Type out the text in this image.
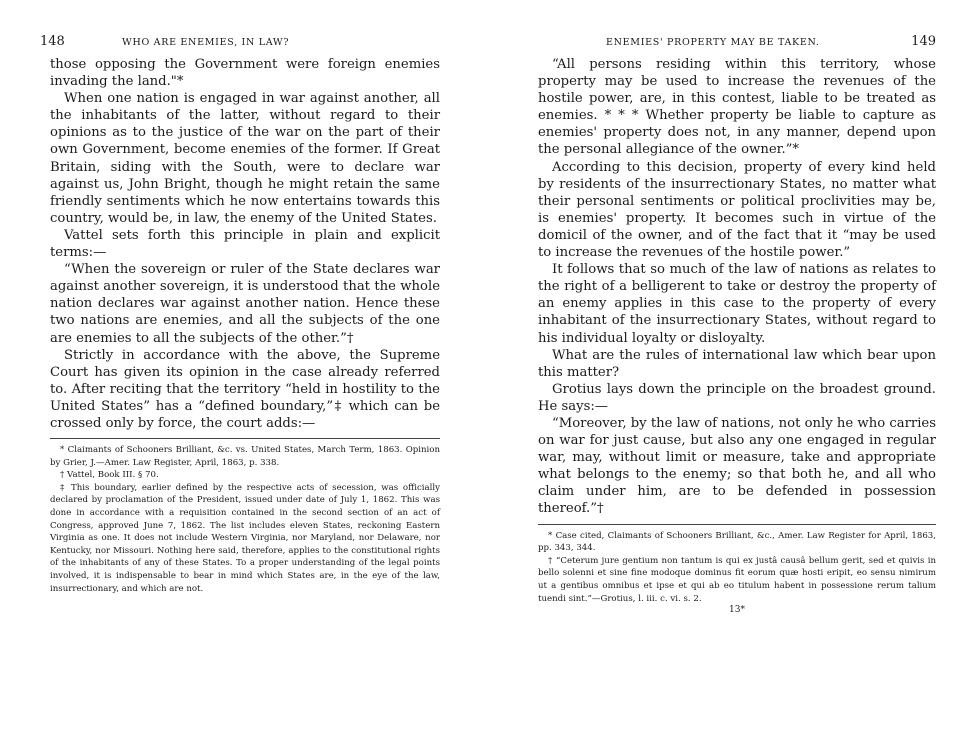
148	WHO ARE ENEMIES, IN LAW?

those opposing the Government were foreign enemies invading the land."*

When one nation is engaged in war against another, all the inhabitants of the latter, without regard to their opinions as to the justice of the war on the part of their own Government, become enemies of the former. If Great Britain, siding with the South, were to declare war against us, John Bright, though he might retain the same friendly sentiments which he now entertains towards this country, would be, in law, the enemy of the United States.

Vattel sets forth this principle in plain and explicit terms:—

“When the sovereign or ruler of the State declares war against another sovereign, it is understood that the whole nation declares war against another nation. Hence these two nations are enemies, and all the subjects of the one are enemies to all the subjects of the other.”†

Strictly in accordance with the above, the Supreme Court has given its opinion in the case already referred to. After reciting that the territory “held in hostility to the United States” has a “defined boundary,”‡ which can be crossed only by force, the court adds:—

* Claimants of Schooners Brilliant, &c. vs. United States, March Term, 1863. Opinion by Grier, J.—Amer. Law Register, April, 1863, p. 338.

† Vattel, Book III. § 70.

‡ This boundary, earlier defined by the respective acts of secession, was officially declared by proclamation of the President, issued under date of July 1, 1862. This was done in accordance with a requisition contained in the second section of an act of Congress, approved June 7, 1862. The list includes eleven States, reckoning Eastern Virginia as one. It does not include Western Virginia, nor Maryland, nor Delaware, nor Kentucky, nor Missouri. Nothing here said, therefore, applies to the constitutional rights of the inhabitants of any of these States. To a proper understanding of the legal points involved, it is indispensable to bear in mind which States are, in the eye of the law, insurrectionary, and which are not.

ENEMIES' PROPERTY MAY BE TAKEN.	149

“All persons residing within this territory, whose property may be used to increase the revenues of the hostile power, are, in this contest, liable to be treated as enemies. * * * Whether property be liable to capture as enemies' property does not, in any manner, depend upon the personal allegiance of the owner.”*

According to this decision, property of every kind held by residents of the insurrectionary States, no matter what their personal sentiments or political proclivities may be, is enemies' property. It becomes such in virtue of the domicil of the owner, and of the fact that it “may be used to increase the revenues of the hostile power.”

It follows that so much of the law of nations as relates to the right of a belligerent to take or destroy the property of an enemy applies in this case to the property of every inhabitant of the insurrectionary States, without regard to his individual loyalty or disloyalty.

What are the rules of international law which bear upon this matter?

Grotius lays down the principle on the broadest ground. He says:—

“Moreover, by the law of nations, not only he who carries on war for just cause, but also any one engaged in regular war, may, without limit or measure, take and appropriate what belongs to the enemy; so that both he, and all who claim under him, are to be defended in possession thereof.”†

* Case cited, Claimants of Schooners Brilliant, &c., Amer. Law Register for April, 1863, pp. 343, 344.

† “Ceterum jure gentium non tantum is qui ex justâ causâ bellum gerit, sed et quivis in bello solenni et sine fine modoque dominus fit eorum quæ hosti eripit, eo sensu nimirum ut a gentibus omnibus et ipse et qui ab eo titulum habent in possessione rerum talium tuendi sint.”—Grotius, l. iii. c. vi. s. 2.

13*
